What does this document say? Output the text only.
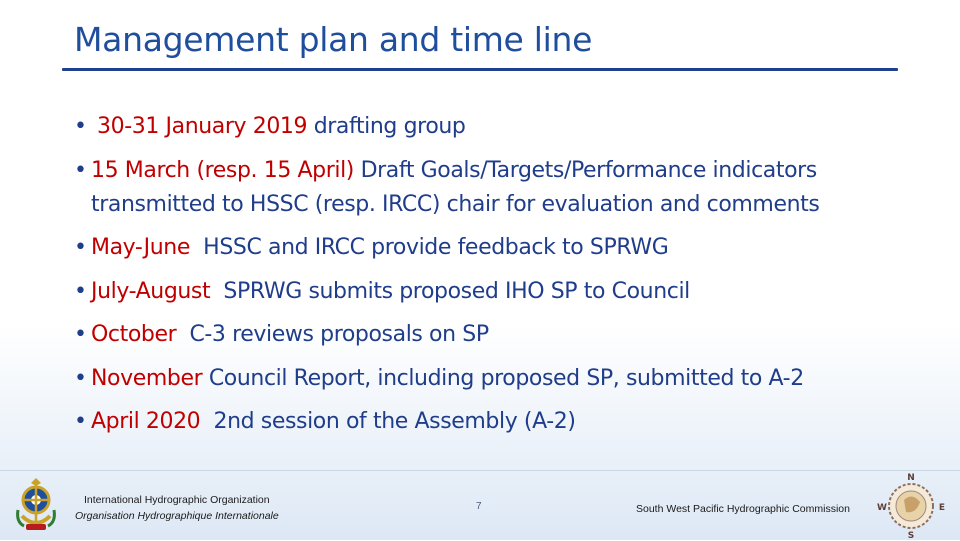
Management plan and time line
• 30-31 January 2019 drafting group
• 15 March (resp. 15 April) Draft Goals/Targets/Performance indicators transmitted to HSSC (resp. IRCC) chair for evaluation and comments
• May-June HSSC and IRCC provide feedback to SPRWG
• July-August SPRWG submits proposed IHO SP to Council
• October C-3 reviews proposals on SP
• November Council Report, including proposed SP, submitted to A-2
• April 2020 2nd session of the Assembly (A-2)
International Hydrographic Organization
Organisation Hydrographique Internationale
7	South West Pacific Hydrographic Commission
N
E
S
W
